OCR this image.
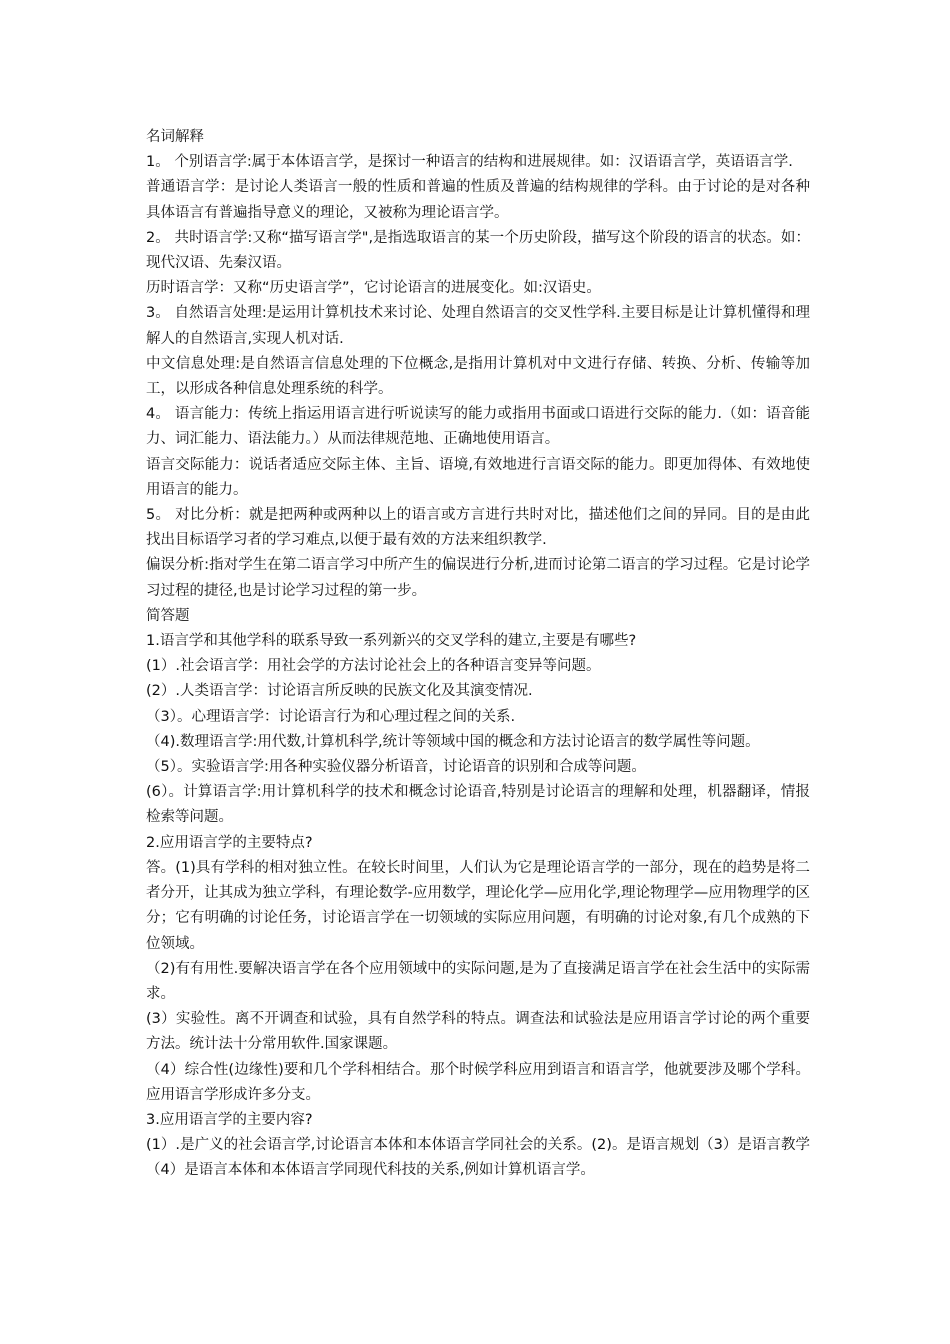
名词解释

1。 个别语言学:属于本体语言学，是探讨一种语言的结构和进展规律。如：汉语语言学，英语语言学.

普通语言学：是讨论人类语言一般的性质和普遍的性质及普遍的结构规律的学科。由于讨论的是对各种具体语言有普遍指导意义的理论，又被称为理论语言学。

2。 共时语言学:又称“描写语言学",是指选取语言的某一个历史阶段，描写这个阶段的语言的状态。如：现代汉语、先秦汉语。

历时语言学：又称“历史语言学”，它讨论语言的进展变化。如:汉语史。

3。 自然语言处理:是运用计算机技术来讨论、处理自然语言的交叉性学科.主要目标是让计算机懂得和理解人的自然语言,实现人机对话.

中文信息处理:是自然语言信息处理的下位概念,是指用计算机对中文进行存储、转换、分析、传输等加工，以形成各种信息处理系统的科学。

4。 语言能力：传统上指运用语言进行听说读写的能力或指用书面或口语进行交际的能力.（如：语音能力、词汇能力、语法能力。）从而法律规范地、正确地使用语言。

语言交际能力：说话者适应交际主体、主旨、语境,有效地进行言语交际的能力。即更加得体、有效地使用语言的能力。

5。 对比分析：就是把两种或两种以上的语言或方言进行共时对比，描述他们之间的异同。目的是由此找出目标语学习者的学习难点,以便于最有效的方法来组织教学.

偏误分析:指对学生在第二语言学习中所产生的偏误进行分析,进而讨论第二语言的学习过程。它是讨论学习过程的捷径,也是讨论学习过程的第一步。

简答题

1.语言学和其他学科的联系导致一系列新兴的交叉学科的建立,主要是有哪些?

(1）.社会语言学：用社会学的方法讨论社会上的各种语言变异等问题。

(2）.人类语言学：讨论语言所反映的民族文化及其演变情况.

（3）。心理语言学：讨论语言行为和心理过程之间的关系.

（4).数理语言学:用代数,计算机科学,统计等领域中国的概念和方法讨论语言的数学属性等问题。

（5）。实验语言学:用各种实验仪器分析语音，讨论语音的识别和合成等问题。

(6）。计算语言学:用计算机科学的技术和概念讨论语音,特别是讨论语言的理解和处理，机器翻译，情报检索等问题。

2.应用语言学的主要特点?

答。(1)具有学科的相对独立性。在较长时间里，人们认为它是理论语言学的一部分，现在的趋势是将二者分开，让其成为独立学科，有理论数学-应用数学，理论化学—应用化学,理论物理学—应用物理学的区分；它有明确的讨论任务，讨论语言学在一切领域的实际应用问题，有明确的讨论对象,有几个成熟的下位领域。

（2)有有用性.要解决语言学在各个应用领域中的实际问题,是为了直接满足语言学在社会生活中的实际需求。

(3）实验性。离不开调查和试验，具有自然学科的特点。调查法和试验法是应用语言学讨论的两个重要方法。统计法十分常用软件.国家课题。

（4）综合性(边缘性)要和几个学科相结合。那个时候学科应用到语言和语言学，他就要涉及哪个学科。应用语言学形成许多分支。

3.应用语言学的主要内容?

(1）.是广义的社会语言学,讨论语言本体和本体语言学同社会的关系。(2)。是语言规划（3）是语言教学（4）是语言本体和本体语言学同现代科技的关系,例如计算机语言学。
